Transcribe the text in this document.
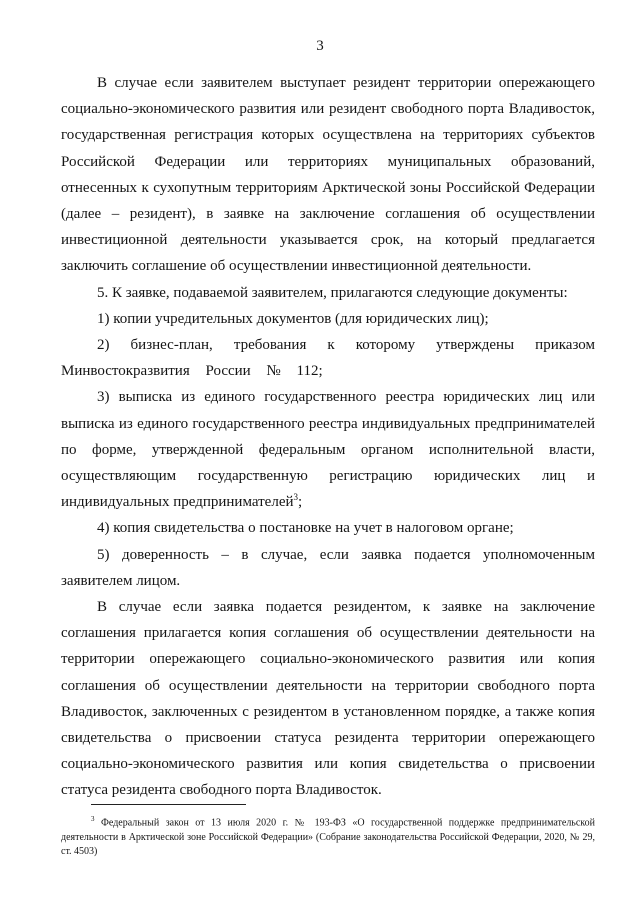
3

В случае если заявителем выступает резидент территории опережающего социально-экономического развития или резидент свободного порта Владивосток, государственная регистрация которых осуществлена на территориях субъектов Российской Федерации или территориях муниципальных образований, отнесенных к сухопутным территориям Арктической зоны Российской Федерации (далее – резидент), в заявке на заключение соглашения об осуществлении инвестиционной деятельности указывается срок, на который предлагается заключить соглашение об осуществлении инвестиционной деятельности.

5. К заявке, подаваемой заявителем, прилагаются следующие документы:

1) копии учредительных документов (для юридических лиц);

2) бизнес-план, требования к которому утверждены приказом Минвостокразвития России № 112;

3) выписка из единого государственного реестра юридических лиц или выписка из единого государственного реестра индивидуальных предпринимателей по форме, утвержденной федеральным органом исполнительной власти, осуществляющим государственную регистрацию юридических лиц и индивидуальных предпринимателей$^3$;

4) копия свидетельства о постановке на учет в налоговом органе;

5) доверенность – в случае, если заявка подается уполномоченным заявителем лицом.

В случае если заявка подается резидентом, к заявке на заключение соглашения прилагается копия соглашения об осуществлении деятельности на территории опережающего социально-экономического развития или копия соглашения об осуществлении деятельности на территории свободного порта Владивосток, заключенных с резидентом в установленном порядке, а также копия свидетельства о присвоении статуса резидента территории опережающего социально-экономического развития или копия свидетельства о присвоении статуса резидента свободного порта Владивосток.

$^3$ Федеральный закон от 13 июля 2020 г. № 193-ФЗ «О государственной поддержке предпринимательской деятельности в Арктической зоне Российской Федерации» (Собрание законодательства Российской Федерации, 2020, № 29, ст. 4503)
